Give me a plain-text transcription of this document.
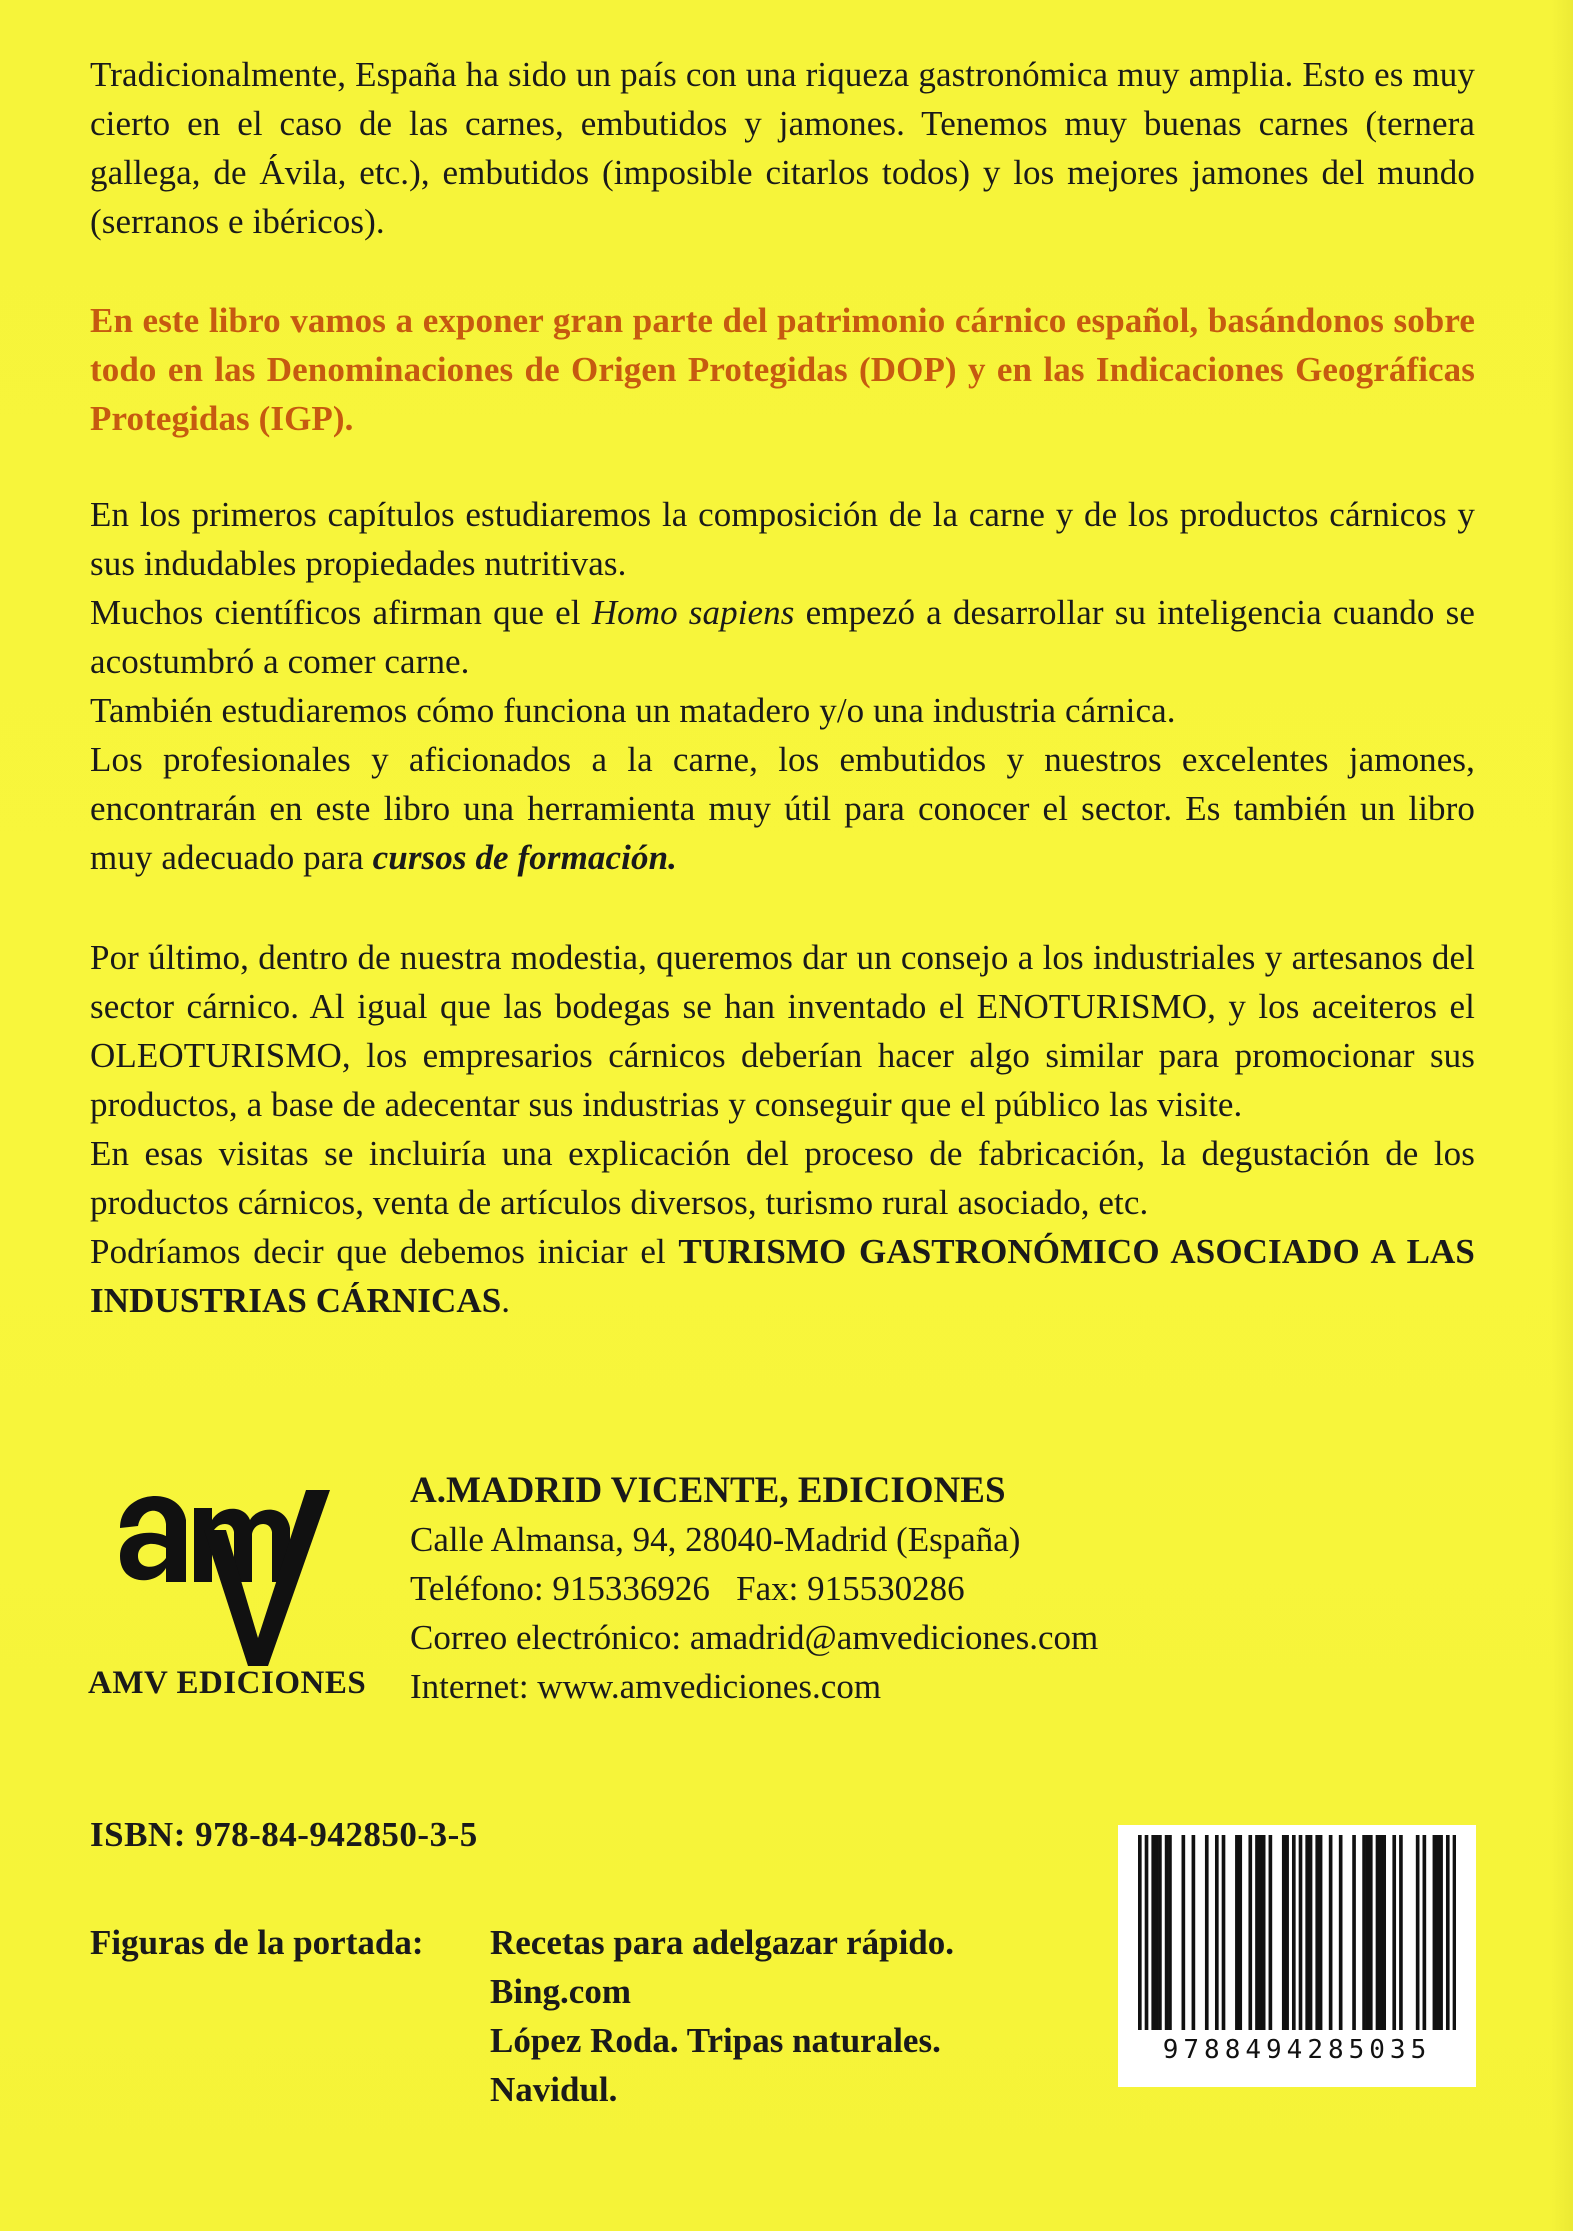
Tradicionalmente, España ha sido un país con una riqueza gastronómica muy amplia. Esto es muy cierto en el caso de las carnes, embutidos y jamones. Tenemos muy buenas carnes (ternera gallega, de Ávila, etc.), embutidos (imposible citarlos todos) y los mejores jamones del mundo (serranos e ibéricos).

En este libro vamos a exponer gran parte del patrimonio cárnico español, basándonos sobre todo en las Denominaciones de Origen Protegidas (DOP) y en las Indicaciones Geográficas Protegidas (IGP).

En los primeros capítulos estudiaremos la composición de la carne y de los productos cárnicos y sus indudables propiedades nutritivas.

Muchos científicos afirman que el Homo sapiens empezó a desarrollar su inteligencia cuando se acostumbró a comer carne.

También estudiaremos cómo funciona un matadero y/o una industria cárnica.

Los profesionales y aficionados a la carne, los embutidos y nuestros excelentes jamones, encontrarán en este libro una herramienta muy útil para conocer el sector. Es también un libro muy adecuado para cursos de formación.

Por último, dentro de nuestra modestia, queremos dar un consejo a los industriales y artesanos del sector cárnico. Al igual que las bodegas se han inventado el ENOTURISMO, y los aceiteros el OLEOTURISMO, los empresarios cárnicos deberían hacer algo similar para promocionar sus productos, a base de adecentar sus industrias y conseguir que el público las visite.

En esas visitas se incluiría una explicación del proceso de fabricación, la degustación de los productos cárnicos, venta de artículos diversos, turismo rural asociado, etc.

Podríamos decir que debemos iniciar el TURISMO GASTRONÓMICO ASOCIADO A LAS INDUSTRIAS CÁRNICAS.

AMV EDICIONES
A.MADRID VICENTE, EDICIONES
Calle Almansa, 94, 28040-Madrid (España)
Teléfono: 915336926   Fax: 915530286
Correo electrónico: amadrid@amvediciones.com
Internet: www.amvediciones.com
ISBN: 978-84-942850-3-5
Figuras de la portada: Recetas para adelgazar rápido.
Bing.com
López Roda. Tripas naturales.
Navidul.
9788494285035
